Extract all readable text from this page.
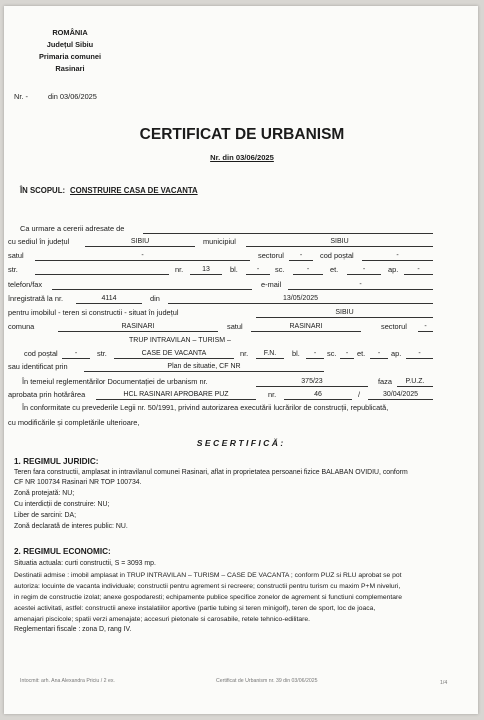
ROMÂNIA
Județul Sibiu
Primaria comunei
Rasinari
Nr. -	din 03/06/2025
CERTIFICAT DE URBANISM
Nr. din 03/06/2025
ÎN SCOPUL: CONSTRUIRE CASA DE VACANTA
Ca urmare a cererii adresate de
cu sediul în județul	SIBIU	municipiul	SIBIU
satul	-	sectorul	-	cod poștal	-
str.	nr.	13	bl.	-	sc.	-	et.	-	ap.	-
telefon/fax	e-mail	-
înregistrată la nr.	4114	din	13/05/2025
pentru imobilul - teren si constructii - situat în județul	SIBIU
comuna	RASINARI	satul	RASINARI	sectorul	-
TRUP INTRAVILAN – TURISM –
cod poștal	-	str.	CASE DE VACANTA	nr.	F.N.	bl.	-	sc.	-	et.	-	ap.	-
sau identificat prin	Plan de situatie, CF NR
În temeiul reglementărilor Documentației de urbanism nr.	375/23	faza	P.U.Z.
aprobata prin hotărârea	HCL RASINARI APROBARE PUZ	nr.	46	/	30/04/2025
În conformitate cu prevederile Legii nr. 50/1991, privind autorizarea executării lucrărilor de construcții, republicată,
cu modificările și completările ulterioare,
S E C E R T I F I C Ă :
1. REGIMUL JURIDIC:
Teren fara constructii, amplasat in intravilanul comunei Rasinari, aflat in proprietatea persoanei fizice BALABAN OVIDIU, conform
CF NR 100734 Rasinari NR TOP 100734.
Zonă protejată: NU;
Cu interdicții de construire: NU;
Liber de sarcini: DA;
Zonă declarată de interes public: NU.
2. REGIMUL ECONOMIC:
Situatia actuala: curti constructii, S = 3093 mp.
Destinatii admise : imobil amplasat in TRUP INTRAVILAN – TURISM – CASE DE VACANTA ; conform PUZ si RLU aprobat se pot
autoriza: locuinte de vacanta individuale; constructii pentru agrement si recreere; constructii pentru turism cu maxim P+M niveluri,
in regim de constructie izolat; anexe gospodaresti; echipamente publice specifice zonelor de agrement si functiuni complementare
acestei activitati, astfel: constructii anexe instalatiilor aportive (partie tubing si teren minigolf), teren de sport, loc de joaca,
amenajari piscicole; spatii verzi amenajate; accesuri pietonale si carosabile, retele tehnico-edilitare.
Reglementari fiscale : zona D, rang IV.
Intocmit: arh. Ana Alexandra Priciu / 2 ex.	Certificat de Urbanism nr. 39 din 03/06/2025	1/4
